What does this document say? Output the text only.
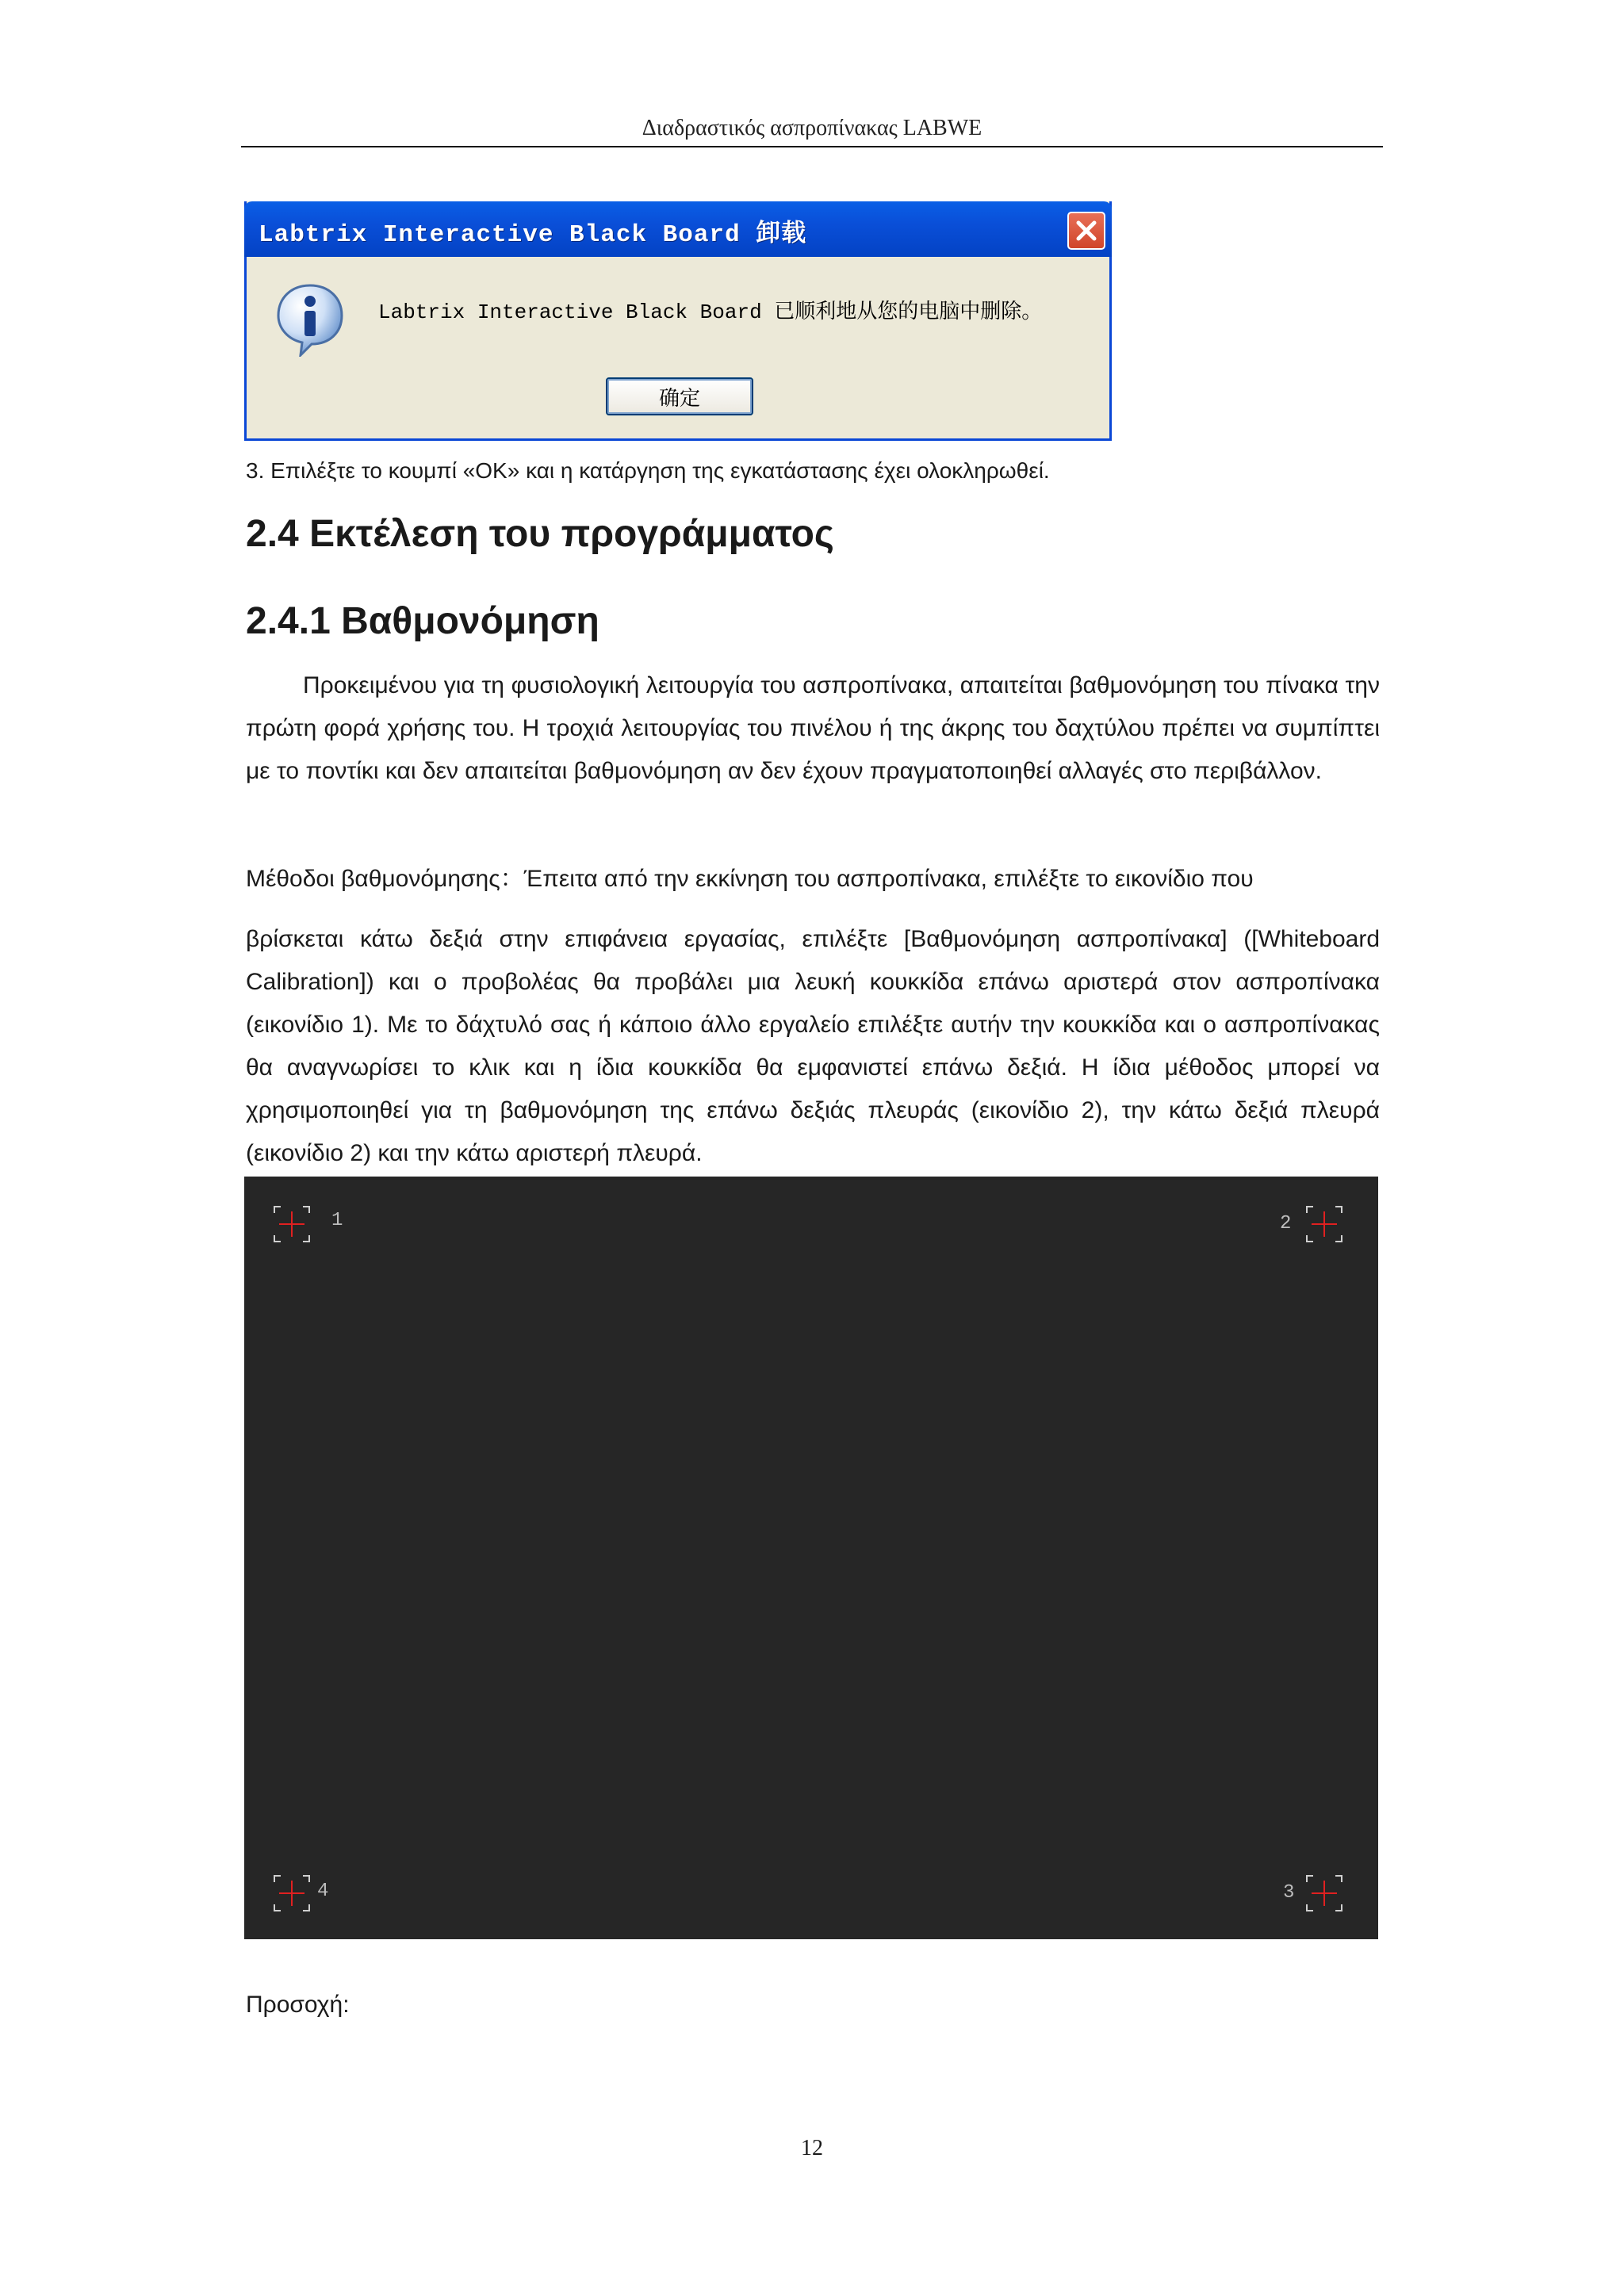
Διαδραστικός ασπροπίνακας LABWE
Labtrix Interactive Black Board 卸载
Labtrix Interactive Black Board 已顺利地从您的电脑中删除。
确定
3. Επιλέξτε το κουμπί «ΟΚ» και η κατάργηση της εγκατάστασης έχει ολοκληρωθεί.
2.4 Εκτέλεση του προγράμματος
2.4.1 Βαθμονόμηση

Προκειμένου για τη φυσιολογική λειτουργία του ασπροπίνακα, απαιτείται βαθμονόμηση του πίνακα την πρώτη φορά χρήσης του. Η τροχιά λειτουργίας του πινέλου ή της άκρης του δαχτύλου πρέπει να συμπίπτει με το ποντίκι και δεν απαιτείται βαθμονόμηση αν δεν έχουν πραγματοποιηθεί αλλαγές στο περιβάλλον.

Μέθοδοι βαθμονόμησης：Έπειτα από την εκκίνηση του ασπροπίνακα, επιλέξτε το εικονίδιο που

βρίσκεται κάτω δεξιά στην επιφάνεια εργασίας, επιλέξτε [Βαθμονόμηση ασπροπίνακα] ([Whiteboard Calibration]) και ο προβολέας θα προβάλει μια λευκή κουκκίδα επάνω αριστερά στον ασπροπίνακα (εικονίδιο 1). Με το δάχτυλό σας ή κάποιο άλλο εργαλείο επιλέξτε αυτήν την κουκκίδα και ο ασπροπίνακας θα αναγνωρίσει το κλικ και η ίδια κουκκίδα θα εμφανιστεί επάνω δεξιά. Η ίδια μέθοδος μπορεί να χρησιμοποιηθεί για τη βαθμονόμηση της επάνω δεξιάς πλευράς (εικονίδιο 2), την κάτω δεξιά πλευρά (εικονίδιο 2) και την κάτω αριστερή πλευρά.

1	2
3
4
Προσοχή:
12
